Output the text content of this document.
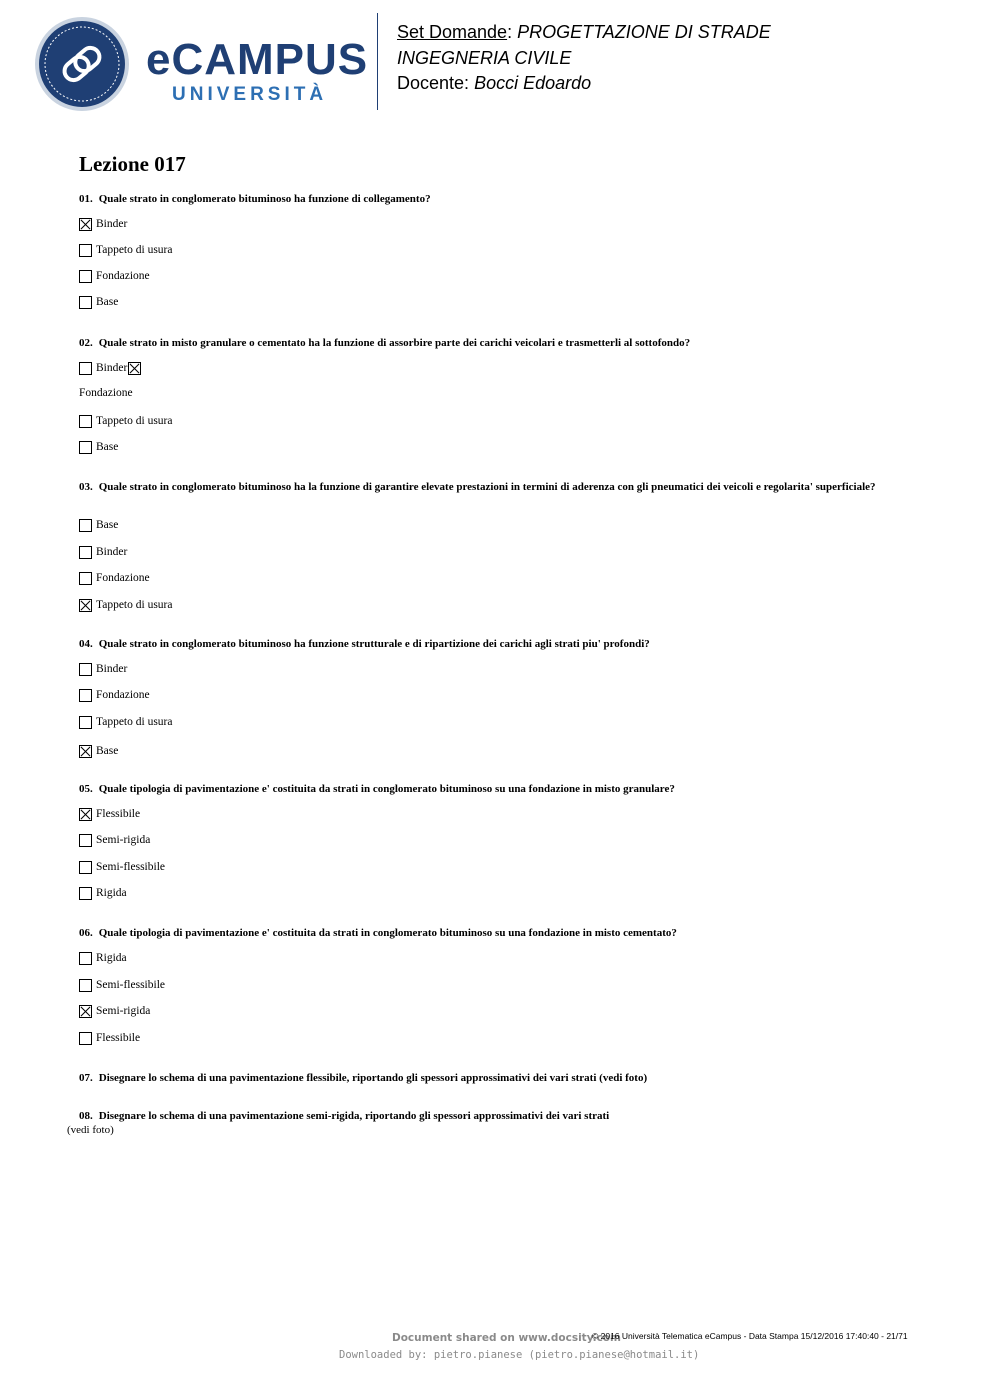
eCAMPUS
UNIVERSITÀ
Set Domande: PROGETTAZIONE DI STRADE
INGEGNERIA CIVILE
Docente: Bocci Edoardo
Lezione 017
01. Quale strato in conglomerato bituminoso ha funzione di collegamento?
Binder
Tappeto di usura
Fondazione
Base
02. Quale strato in misto granulare o cementato ha la funzione di assorbire parte dei carichi veicolari e trasmetterli al sottofondo?
Binder
Fondazione
Tappeto di usura
Base
03. Quale strato in conglomerato bituminoso ha la funzione di garantire elevate prestazioni in termini di aderenza con gli pneumatici dei veicoli e regolarita' superficiale?
Base
Binder
Fondazione
Tappeto di usura
04. Quale strato in conglomerato bituminoso ha funzione strutturale e di ripartizione dei carichi agli strati piu' profondi?
Binder
Fondazione
Tappeto di usura
Base
05. Quale tipologia di pavimentazione e' costituita da strati in conglomerato bituminoso su una fondazione in misto granulare?
Flessibile
Semi-rigida
Semi-flessibile
Rigida
06. Quale tipologia di pavimentazione e' costituita da strati in conglomerato bituminoso su una fondazione in misto cementato?
Rigida
Semi-flessibile
Semi-rigida
Flessibile
07. Disegnare lo schema di una pavimentazione flessibile, riportando gli spessori approssimativi dei vari strati (vedi foto)
08. Disegnare lo schema di una pavimentazione semi-rigida, riportando gli spessori approssimativi dei vari strati
(vedi foto)
Document shared on www.docsity.com
© 2016 Università Telematica eCampus - Data Stampa 15/12/2016 17:40:40 - 21/71
Downloaded by: pietro.pianese (pietro.pianese@hotmail.it)
